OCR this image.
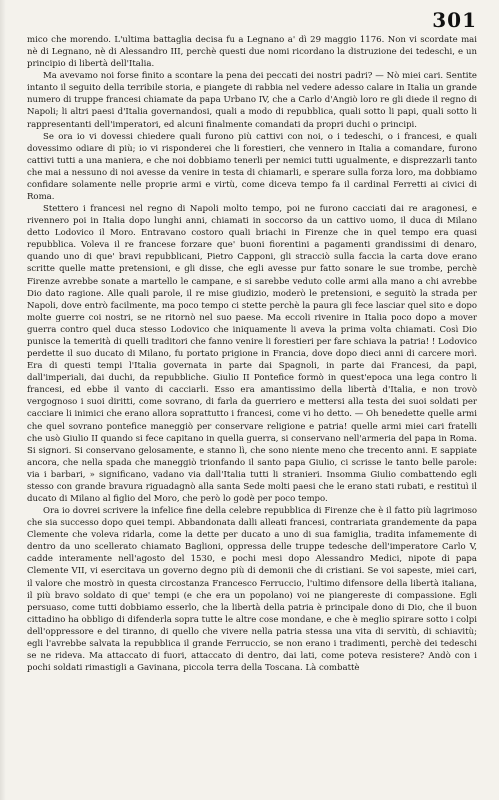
301

mico che morendo. L'ultima battaglia decisa fu a Legnano a' dì 29 maggio 1176. Non vi scordate mai nè di Legnano, nè di Alessandro III, perchè questi due nomi ricordano la distruzione dei tedeschi, e un principio di libertà dell'Italia.

Ma avevamo noi forse finito a scontare la pena dei peccati dei nostri padri? — Nò miei cari. Sentite intanto il seguito della terribile storia, e piangete di rabbia nel vedere adesso calare in Italia un grande numero di truppe francesi chiamate da papa Urbano IV, che a Carlo d'Angiò loro re gli diede il regno di Napoli; li altri paesi d'Italia governandosi, quali a modo di repubblica, quali sotto li papi, quali sotto li rappresentanti dell'imperatori, ed alcuni finalmente comandati da propri duchi o principi.

Se ora io vi dovessi chiedere quali furono più cattivi con noi, o i tedeschi, o i francesi, e quali dovessimo odiare di più; io vi risponderei che li forestieri, che vennero in Italia a comandare, furono cattivi tutti a una maniera, e che noi dobbiamo tenerli per nemici tutti ugualmente, e disprezzarli tanto che mai a nessuno di noi avesse da venire in testa di chiamarli, e sperare sulla forza loro, ma dobbiamo confidare solamente nelle proprie armi e virtù, come diceva tempo fa il cardinal Ferretti ai civici di Roma.

Stettero i francesi nel regno di Napoli molto tempo, poi ne furono cacciati dai re aragonesi, e rivennero poi in Italia dopo lunghi anni, chiamati in soccorso da un cattivo uomo, il duca di Milano detto Lodovico il Moro. Entravano costoro quali briachi in Firenze che in quel tempo era quasi repubblica. Voleva il re francese forzare que' buoni fiorentini a pagamenti grandissimi di denaro, quando uno di que' bravi repubblicani, Pietro Capponi, gli stracciò sulla faccia la carta dove erano scritte quelle matte pretensioni, e gli disse, che egli avesse pur fatto sonare le sue trombe, perchè Firenze avrebbe sonate a martello le campane, e si sarebbe veduto colle armi alla mano a chi avrebbe Dio dato ragione. Alle quali parole, il re mise giudizio, moderò le pretensioni, e seguitò la strada per Napoli, dove entrò facilmente, ma poco tempo ci stette perchè la paura gli fece lasciar quel sito e dopo molte guerre coi nostri, se ne ritornò nel suo paese. Ma eccoli rivenire in Italia poco dopo a mover guerra contro quel duca stesso Lodovico che iniquamente li aveva la prima volta chiamati. Così Dio punisce la temerità di quelli traditori che fanno venire li forestieri per fare schiava la patria! ! Lodovico perdette il suo ducato di Milano, fu portato prigione in Francia, dove dopo dieci anni di carcere morì. Era di questi tempi l'Italia governata in parte dai Spagnoli, in parte dai Francesi, da papi, dall'imperiali, dai duchi, da repubbliche. Giulio II Pontefice formò in quest'epoca una lega contro li francesi, ed ebbe il vanto di cacciarli. Esso era amantissimo della libertà d'Italia, e non trovò vergognoso i suoi diritti, come sovrano, di farla da guerriero e mettersi alla testa dei suoi soldati per cacciare li inimici che erano allora soprattutto i francesi, come vi ho detto. — Oh benedette quelle armi che quel sovrano pontefice maneggiò per conservare religione e patria! quelle armi miei cari fratelli che usò Giulio II quando si fece capitano in quella guerra, si conservano nell'armeria del papa in Roma. Si signori. Si conservano gelosamente, e stanno lì, che sono niente meno che trecento anni. E sappiate ancora, che nella spada che maneggiò trionfando il santo papa Giulio, ci scrisse le tanto belle parole: via i barbari, » significano, vadano via dall'Italia tutti li stranieri. Insomma Giulio combattendo egli stesso con grande bravura riguadagnò alla santa Sede molti paesi che le erano stati rubati, e restituì il ducato di Milano al figlio del Moro, che però lo godè per poco tempo.

Ora io dovrei scrivere la infelice fine della celebre repubblica di Firenze che è il fatto più lagrimoso che sia successo dopo quei tempi. Abbandonata dalli alleati francesi, contrariata grandemente da papa Clemente che voleva ridarla, come la dette per ducato a uno di sua famiglia, tradita infamemente di dentro da uno scellerato chiamato Baglioni, oppressa delle truppe tedesche dell'imperatore Carlo V, cadde interamente nell'agosto del 1530, e pochi mesi dopo Alessandro Medici, nipote di papa Clemente VII, vi esercitava un governo degno più di demonii che di cristiani. Se voi sapeste, miei cari, il valore che mostrò in questa circostanza Francesco Ferruccio, l'ultimo difensore della libertà italiana, il più bravo soldato di que' tempi (e che era un popolano) voi ne piangereste di compassione. Egli persuaso, come tutti dobbiamo esserlo, che la libertà della patria è principale dono di Dio, che il buon cittadino ha obbligo di difenderla sopra tutte le altre cose mondane, e che è meglio spirare sotto i colpi dell'oppressore e del tiranno, di quello che vivere nella patria stessa una vita di servitù, di schiavitù; egli l'avrebbe salvata la repubblica il grande Ferruccio, se non erano i tradimenti, perchè dei tedeschi se ne rideva. Ma attaccato di fuori, attaccato di dentro, dai lati, come poteva resistere? Andò con i pochi soldati rimastigli a Gavinana, piccola terra della Toscana. Là combattè
